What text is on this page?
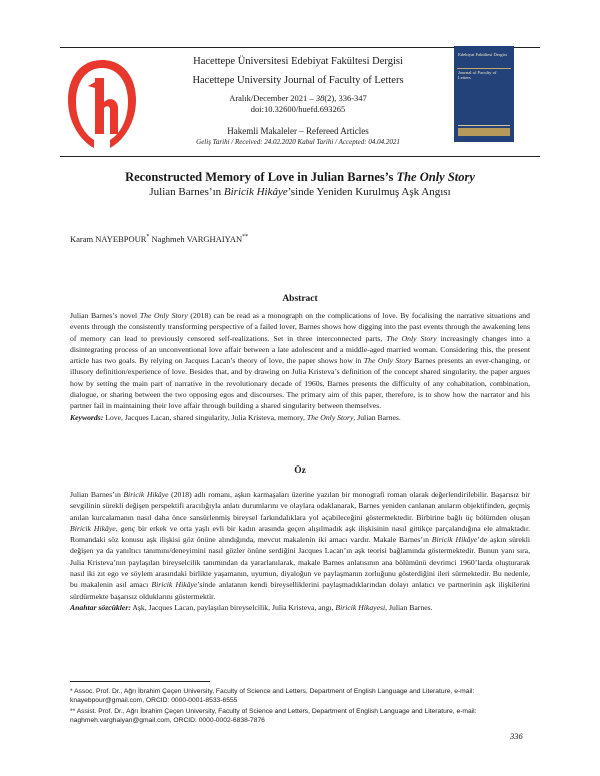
Hacettepe Üniversitesi Edebiyat Fakültesi Dergisi
Hacettepe University Journal of Faculty of Letters
Aralık/December 2021 – 38(2), 336-347
doi:10.32600/huefd.693265
Hakemli Makaleler – Refereed Articles
Geliş Tarihi / Received: 24.02.2020 Kabul Tarihi / Accepted: 04.04.2021
Edebiyat Fakültesi Dergisi
Journal of Faculty of Letters
Reconstructed Memory of Love in Julian Barnes’s The Only Story
Julian Barnes’ın Biricik Hikâye’sinde Yeniden Kurulmuş Aşk Angısı
Karam NAYEBPOUR* Naghmeh VARGHAIYAN**
Abstract

Julian Barnes’s novel The Only Story (2018) can be read as a monograph on the complications of love. By focalising the narrative situations and events through the consistently transforming perspective of a failed lover, Barnes shows how digging into the past events through the awakening lens of memory can lead to previously censored self-realizations. Set in three interconnected parts, The Only Story increasingly changes into a disintegrating process of an unconventional love affair between a late adolescent and a middle-aged married woman. Considering this, the present article has two goals. By relying on Jacques Lacan’s theory of love, the paper shows how in The Only Story Barnes presents an ever-changing, or illusory definition/experience of love. Besides that, and by drawing on Julia Kristeva’s definition of the concept shared singularity, the paper argues how by setting the main part of narrative in the revolutionary decade of 1960s, Barnes presents the difficulty of any cohabitation, combination, dialogue, or sharing between the two opposing egos and discourses. The primary aim of this paper, therefore, is to show how the narrator and his partner fail in maintaining their love affair through building a shared singularity between themselves.
Keywords: Love, Jacques Lacan, shared singularity, Julia Kristeva, memory, The Only Story, Julian Barnes.

Öz

Julian Barnes’ın Biricik Hikâye (2018) adlı romanı, aşkın karmaşaları üzerine yazılan bir monografi roman olarak değerlendirilebilir. Başarısız bir sevgilinin sürekli değişen perspektifi aracılığıyla anlatı durumlarını ve olaylara odaklanarak, Barnes yeniden canlanan anıların objektifinden, geçmiş anılan kurcalamanın nasıl daha önce sansürlenmiş bireysel farkındalıklara yol açabileceğini göstermektedir. Birbirine bağlı üç bölümden oluşan Biricik Hikâye, genç bir erkek ve orta yaşlı evli bir kadın arasında geçen alışılmadık aşk ilişkisinin nasıl gittikçe parçalandığına ele almaktadır. Romandaki söz konusu aşk ilişkisi göz önüne alındığında, mevcut makalenin iki amacı vardır. Makale Barnes’ın Biricik Hikâye’de aşkın sürekli değişen ya da yanıltıcı tanımını/deneyimini nasıl gözler önüne serdiğini Jacques Lacan’ın aşk teorisi bağlamında göstermektedir. Bunun yanı sıra, Julia Kristeva’nın paylaşılan bireyselcilik tanımından da yararlanılarak, makale Barnes anlatısının ana bölümünü devrimci 1960’larda oluşturarak nasıl iki zıt ego ve söylem arasındaki birlikte yaşamanın, uyumun, diyaloğun ve paylaşmanın zorluğunu gösterdiğini ileri sürmektedir. Bu nedenle, bu makalenin asıl amacı Biricik Hikâye’sinde anlatanın kendi bireyselliklerini paylaşmadıklarından dolayı anlatıcı ve partnerinin aşk ilişkilerini sürdürmekte başarısız olduklarını göstermektir.
Anahtar sözcükler: Aşk, Jacques Lacan, paylaşılan bireyselcilik, Julia Kristeva, angı, Biricik Hikayesi, Julian Barnes.

* Assoc. Prof. Dr., Ağrı İbrahim Çeçen University, Faculty of Science and Letters, Department of English Language and Literature, e-mail: knayebpour@gmail.com, ORCID: 0000-0001-8533-6555

** Assist. Prof. Dr., Ağrı İbrahim Çeçen University, Faculty of Science and Letters, Department of English Language and Literature, e-mail: naghmeh.varghaiyan@gmail.com, ORCID: 0000-0002-6838-7876

336
